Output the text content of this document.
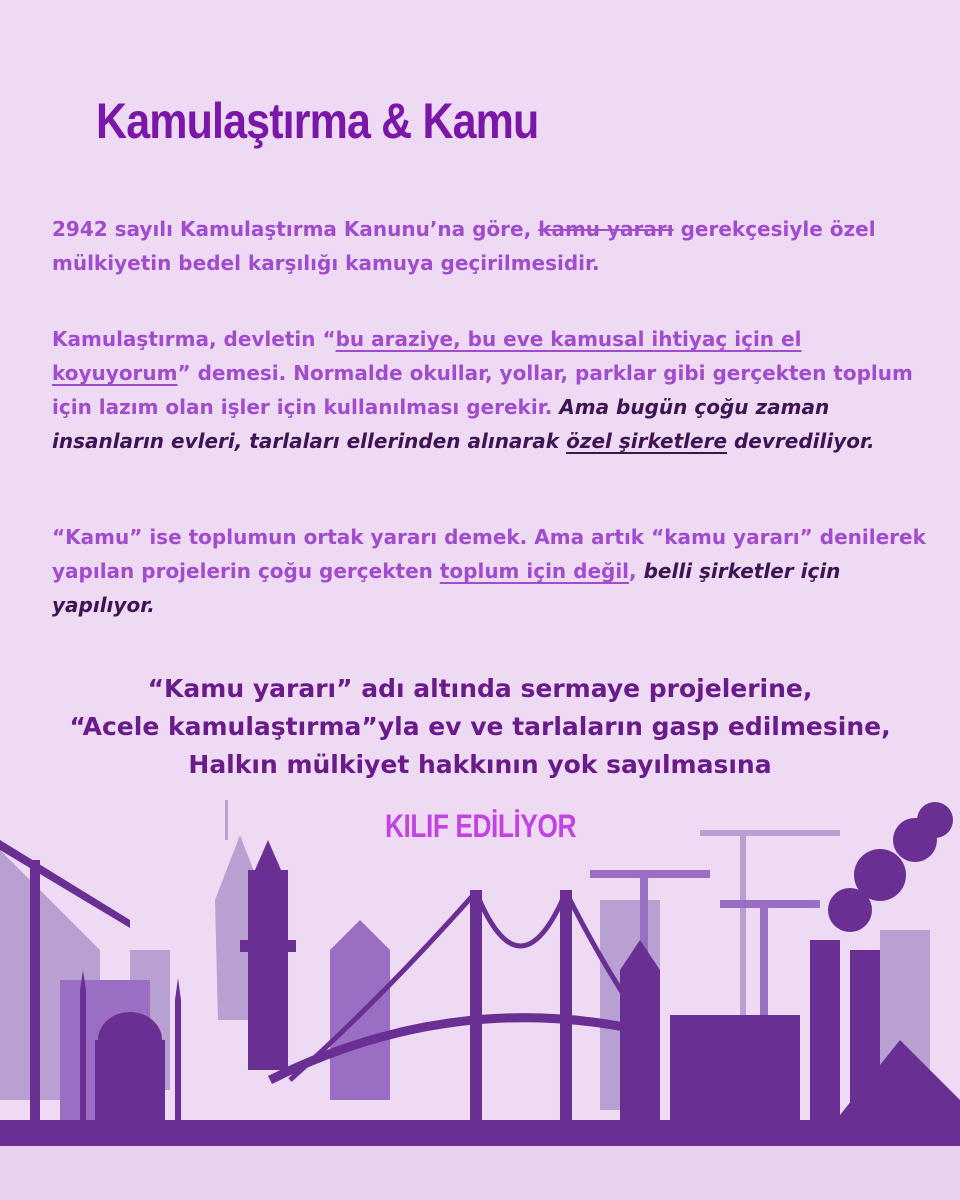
Kamulaştırma & Kamu
2942 sayılı Kamulaştırma Kanunu’na göre, kamu yararı gerekçesiyle özel mülkiyetin bedel karşılığı kamuya geçirilmesidir.
Kamulaştırma, devletin “bu araziye, bu eve kamusal ihtiyaç için el koyuyorum” demesi. Normalde okullar, yollar, parklar gibi gerçekten toplum için lazım olan işler için kullanılması gerekir. Ama bugün çoğu zaman insanların evleri, tarlaları ellerinden alınarak özel şirketlere devrediliyor.
“Kamu” ise toplumun ortak yararı demek. Ama artık “kamu yararı” denilerek yapılan projelerin çoğu gerçekten toplum için değil, belli şirketler için yapılıyor.
“Kamu yararı” adı altında sermaye projelerine,
“Acele kamulaştırma”yla ev ve tarlaların gasp edilmesine,
Halkın mülkiyet hakkının yok sayılmasına
KILIF EDİLİYOR
